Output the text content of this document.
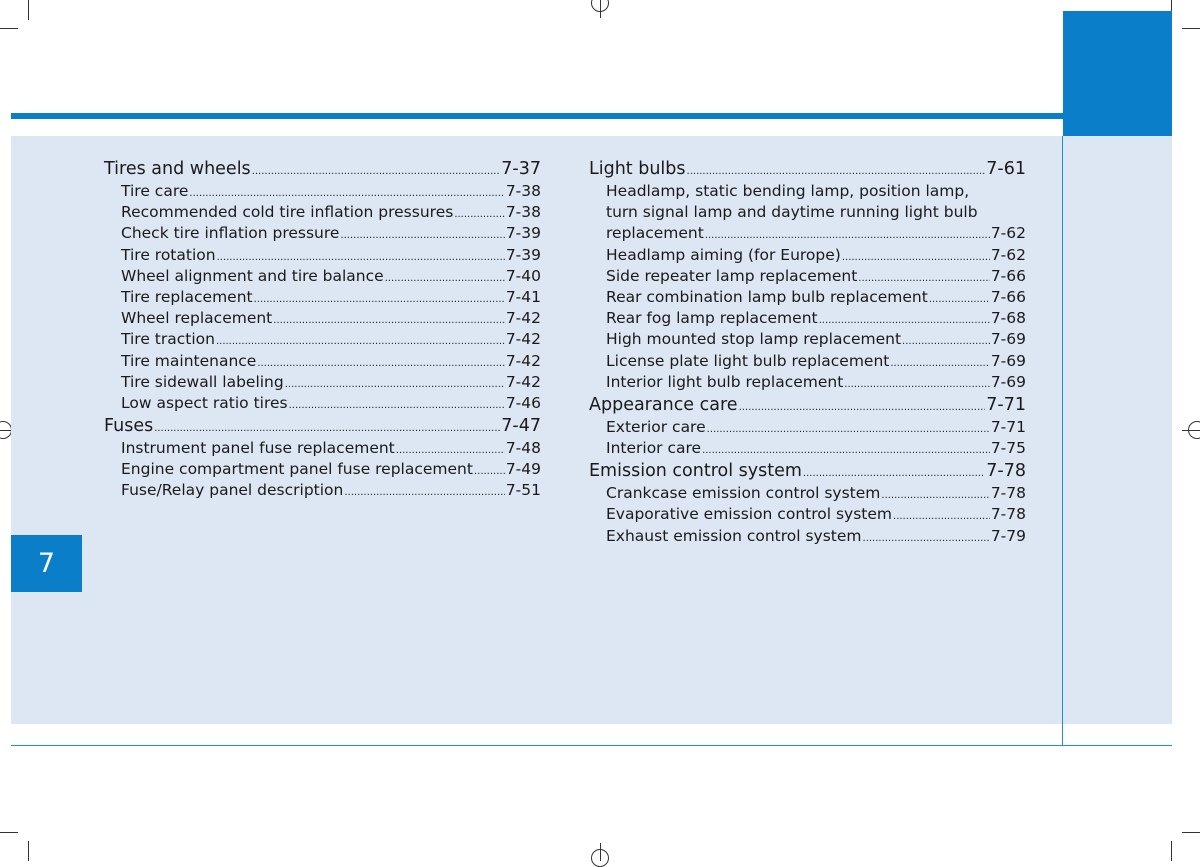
7
Tires and wheels .....	7-37
Tire care .....	7-38
Recommended cold tire inflation pressures .....	7-38
Check tire inflation pressure .....	7-39
Tire rotation .....	7-39
Wheel alignment and tire balance .....	7-40
Tire replacement .....	7-41
Wheel replacement .....	7-42
Tire traction .....	7-42
Tire maintenance .....	7-42
Tire sidewall labeling .....	7-42
Low aspect ratio tires .....	7-46
Fuses .....	7-47
Instrument panel fuse replacement .....	7-48
Engine compartment panel fuse replacement ..... 7-49
Fuse/Relay panel description .....	7-51
Light bulbs .....	7-61
Headlamp, static bending lamp, position lamp,
turn signal lamp and daytime running light bulb
replacement .....	7-62
Headlamp aiming (for Europe) .....	7-62
Side repeater lamp replacement .....	7-66
Rear combination lamp bulb replacement .....	7-66
Rear fog lamp replacement .....	7-68
High mounted stop lamp replacement .....	7-69
License plate light bulb replacement .....	7-69
Interior light bulb replacement .....	7-69
Appearance care .....	7-71
Exterior care .....	7-71
Interior care .....	7-75
Emission control system .....	7-78
Crankcase emission control system .....	7-78
Evaporative emission control system .....	7-78
Exhaust emission control system .....	7-79
